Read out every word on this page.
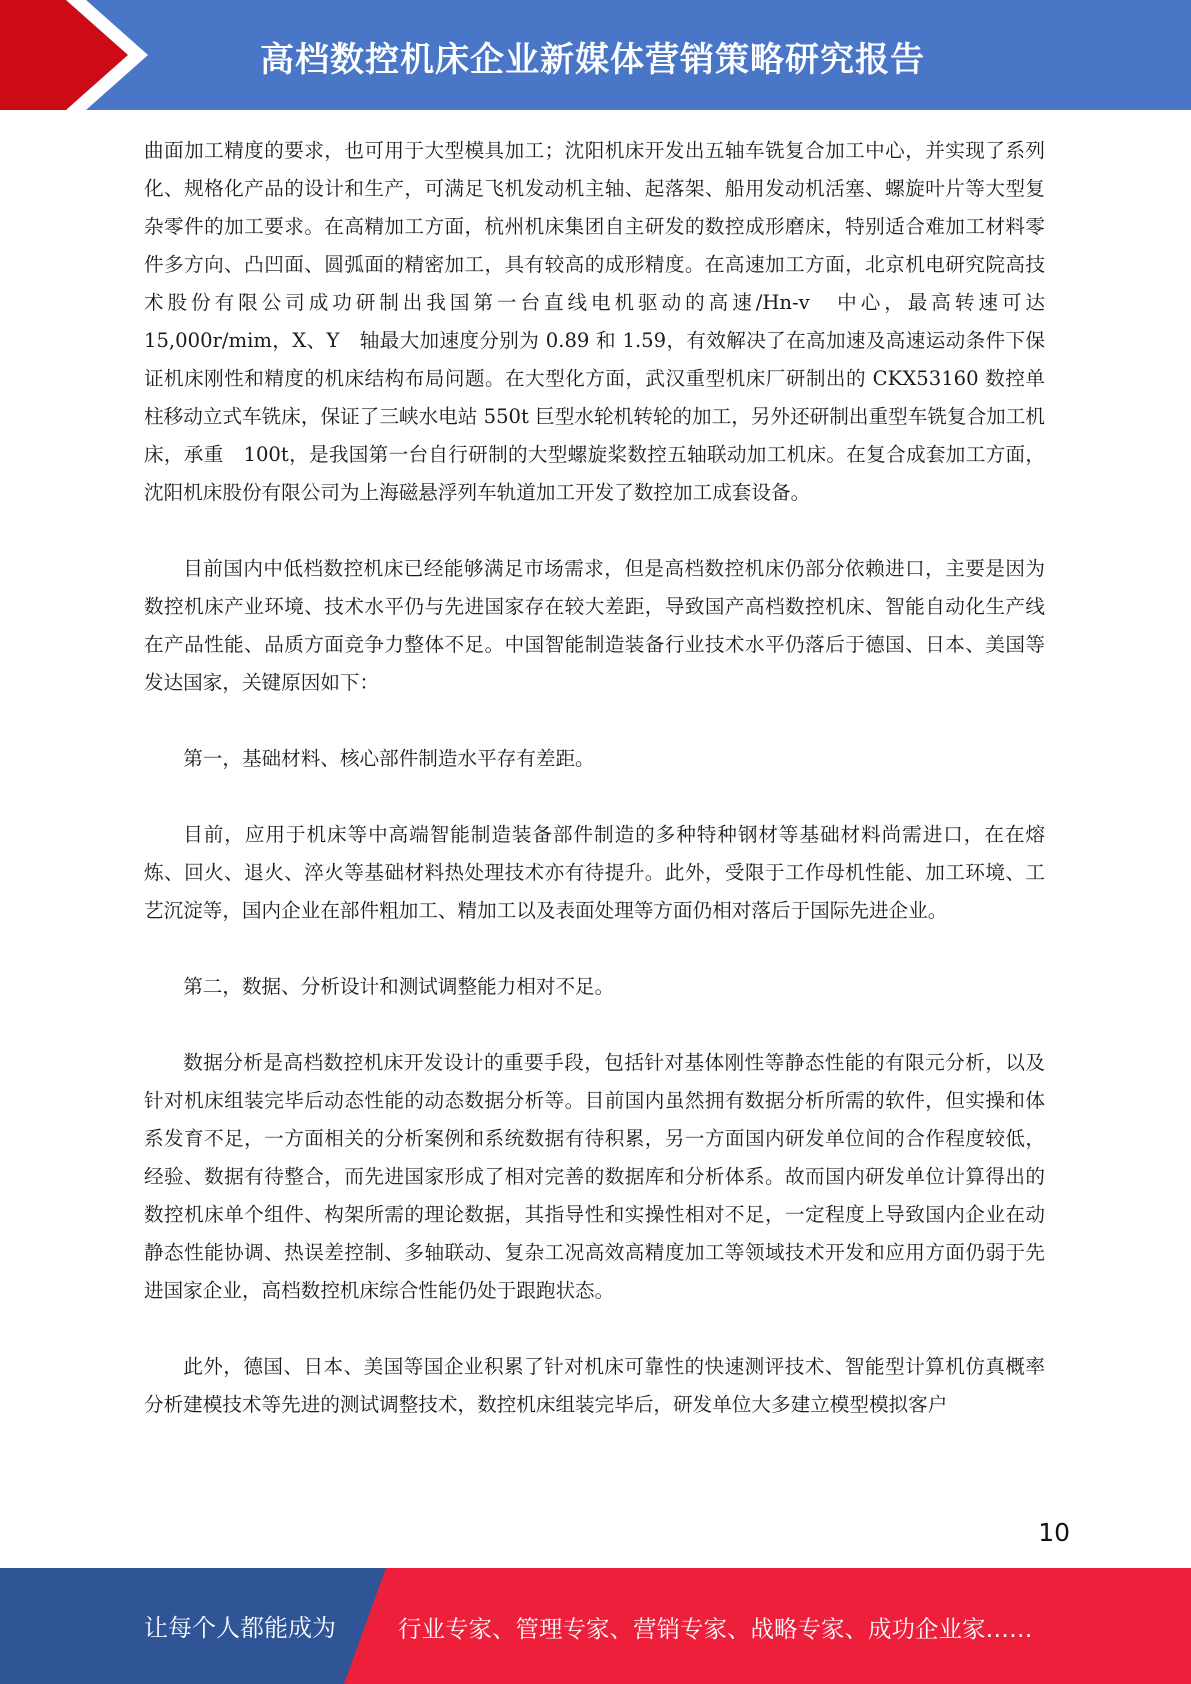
高档数控机床企业新媒体营销策略研究报告

曲面加工精度的要求，也可用于大型模具加工；沈阳机床开发出五轴车铣复合加工中心，并实现了系列化、规格化产品的设计和生产，可满足飞机发动机主轴、起落架、船用发动机活塞、螺旋叶片等大型复杂零件的加工要求。在高精加工方面，杭州机床集团自主研发的数控成形磨床，特别适合难加工材料零件多方向、凸凹面、圆弧面的精密加工，具有较高的成形精度。在高速加工方面，北京机电研究院高技术股份有限公司成功研制出我国第一台直线电机驱动的高速/Hn-v　中心，最高转速可达　15,000r/mim，X、Y　轴最大加速度分别为 0.89 和 1.59，有效解决了在高加速及高速运动条件下保证机床刚性和精度的机床结构布局问题。在大型化方面，武汉重型机床厂研制出的 CKX53160 数控单柱移动立式车铣床，保证了三峡水电站 550t 巨型水轮机转轮的加工，另外还研制出重型车铣复合加工机床，承重　100t，是我国第一台自行研制的大型螺旋桨数控五轴联动加工机床。在复合成套加工方面，沈阳机床股份有限公司为上海磁悬浮列车轨道加工开发了数控加工成套设备。

目前国内中低档数控机床已经能够满足市场需求，但是高档数控机床仍部分依赖进口，主要是因为数控机床产业环境、技术水平仍与先进国家存在较大差距，导致国产高档数控机床、智能自动化生产线在产品性能、品质方面竞争力整体不足。中国智能制造装备行业技术水平仍落后于德国、日本、美国等发达国家，关键原因如下：

第一，基础材料、核心部件制造水平存有差距。

目前，应用于机床等中高端智能制造装备部件制造的多种特种钢材等基础材料尚需进口，在在熔炼、回火、退火、淬火等基础材料热处理技术亦有待提升。此外，受限于工作母机性能、加工环境、工艺沉淀等，国内企业在部件粗加工、精加工以及表面处理等方面仍相对落后于国际先进企业。

第二，数据、分析设计和测试调整能力相对不足。

数据分析是高档数控机床开发设计的重要手段，包括针对基体刚性等静态性能的有限元分析，以及针对机床组装完毕后动态性能的动态数据分析等。目前国内虽然拥有数据分析所需的软件，但实操和体系发育不足，一方面相关的分析案例和系统数据有待积累，另一方面国内研发单位间的合作程度较低，经验、数据有待整合，而先进国家形成了相对完善的数据库和分析体系。故而国内研发单位计算得出的数控机床单个组件、构架所需的理论数据，其指导性和实操性相对不足，一定程度上导致国内企业在动静态性能协调、热误差控制、多轴联动、复杂工况高效高精度加工等领域技术开发和应用方面仍弱于先进国家企业，高档数控机床综合性能仍处于跟跑状态。

此外，德国、日本、美国等国企业积累了针对机床可靠性的快速测评技术、智能型计算机仿真概率分析建模技术等先进的测试调整技术，数控机床组装完毕后，研发单位大多建立模型模拟客户

10
让每个人都能成为	行业专家、管理专家、营销专家、战略专家、成功企业家……
